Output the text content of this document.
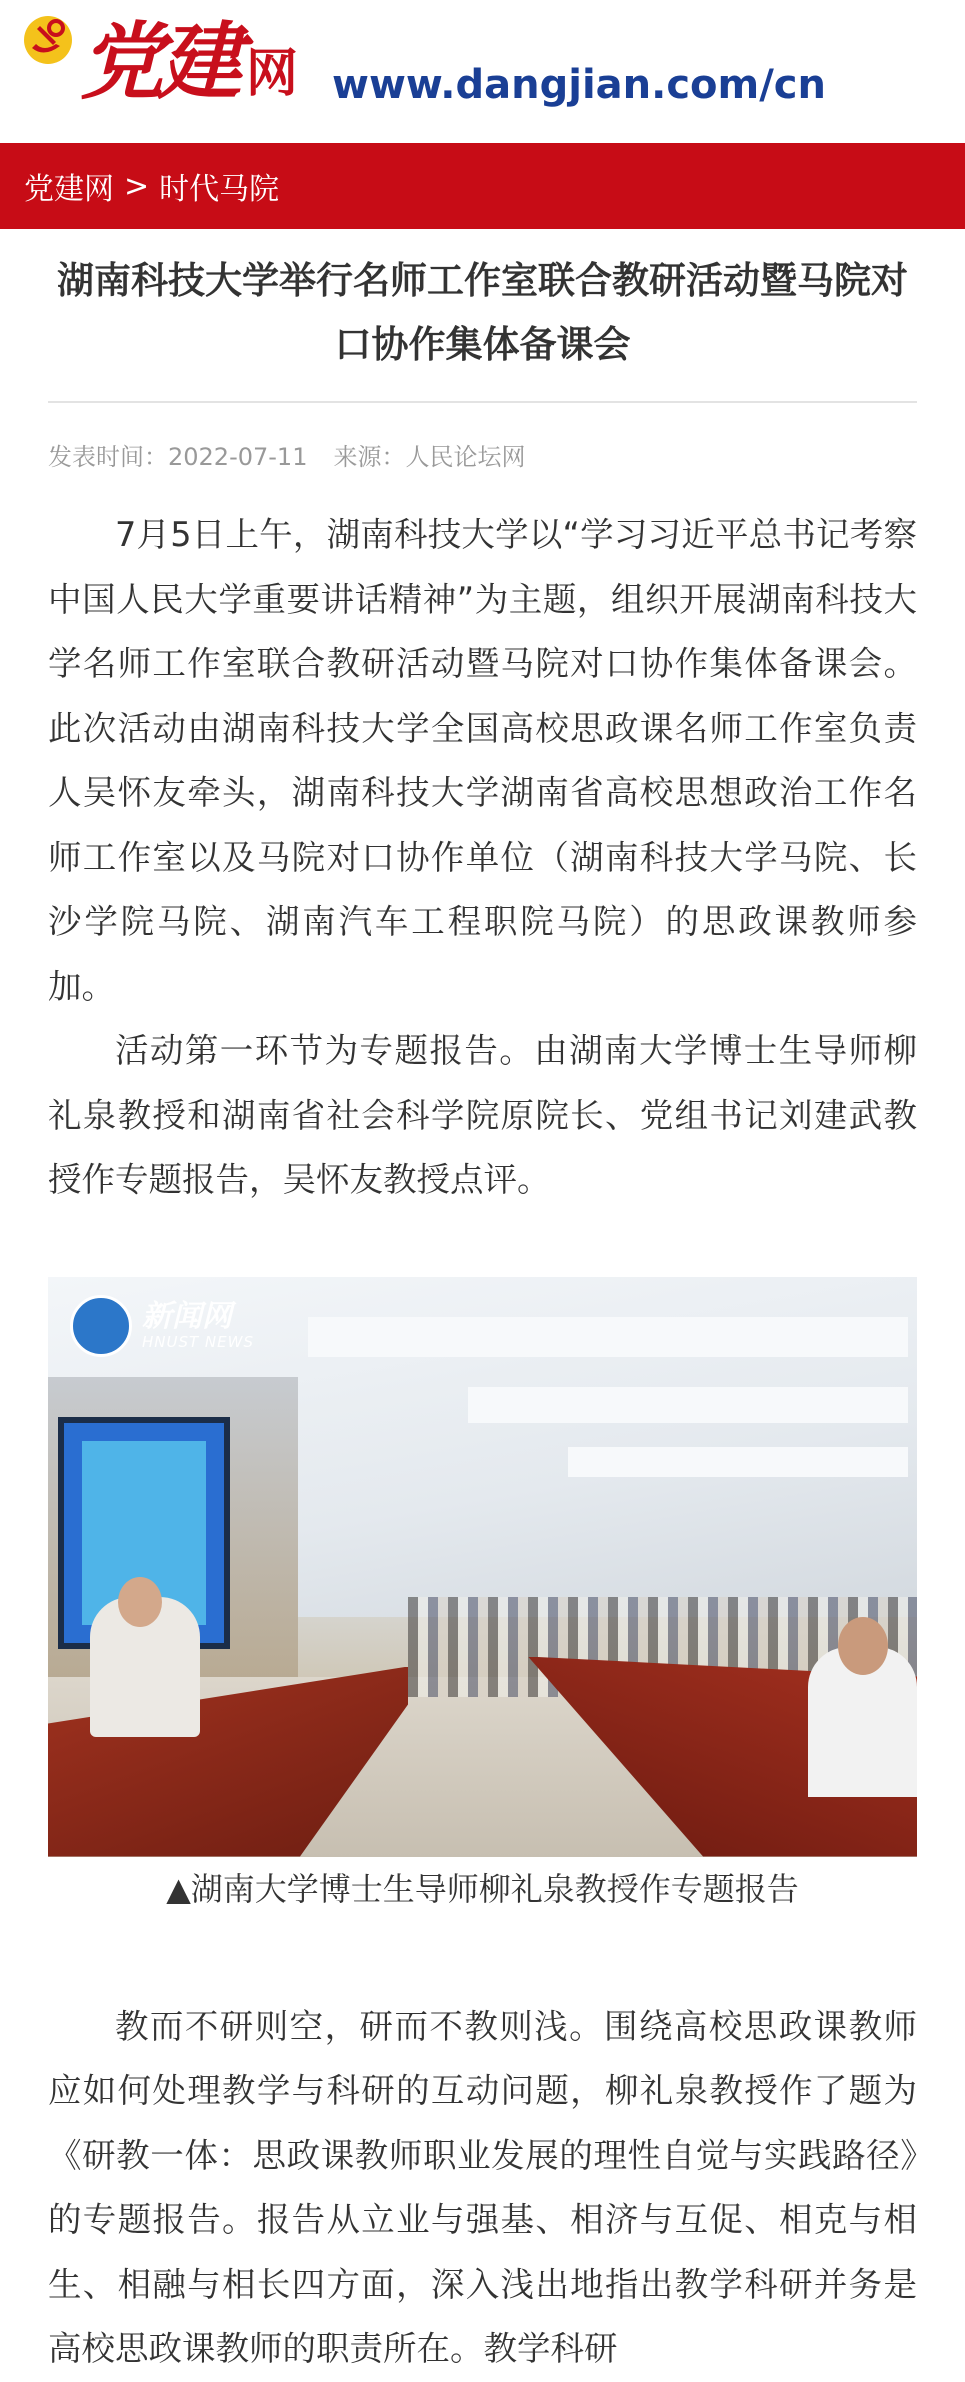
党建 网 www.dangjian.com/cn
党建网 > 时代马院
湖南科技大学举行名师工作室联合教研活动暨马院对口协作集体备课会
发表时间：2022-07-11 来源：人民论坛网

7月5日上午，湖南科技大学以“学习习近平总书记考察中国人民大学重要讲话精神”为主题，组织开展湖南科技大学名师工作室联合教研活动暨马院对口协作集体备课会。此次活动由湖南科技大学全国高校思政课名师工作室负责人吴怀友牵头，湖南科技大学湖南省高校思想政治工作名师工作室以及马院对口协作单位（湖南科技大学马院、长沙学院马院、湖南汽车工程职院马院）的思政课教师参加。

活动第一环节为专题报告。由湖南大学博士生导师柳礼泉教授和湖南省社会科学院原院长、党组书记刘建武教授作专题报告，吴怀友教授点评。

新闻网
HNUST NEWS
▲湖南大学博士生导师柳礼泉教授作专题报告

教而不研则空，研而不教则浅。围绕高校思政课教师应如何处理教学与科研的互动问题，柳礼泉教授作了题为《研教一体：思政课教师职业发展的理性自觉与实践路径》的专题报告。报告从立业与强基、相济与互促、相克与相生、相融与相长四方面，深入浅出地指出教学科研并务是高校思政课教师的职责所在。教学科研
